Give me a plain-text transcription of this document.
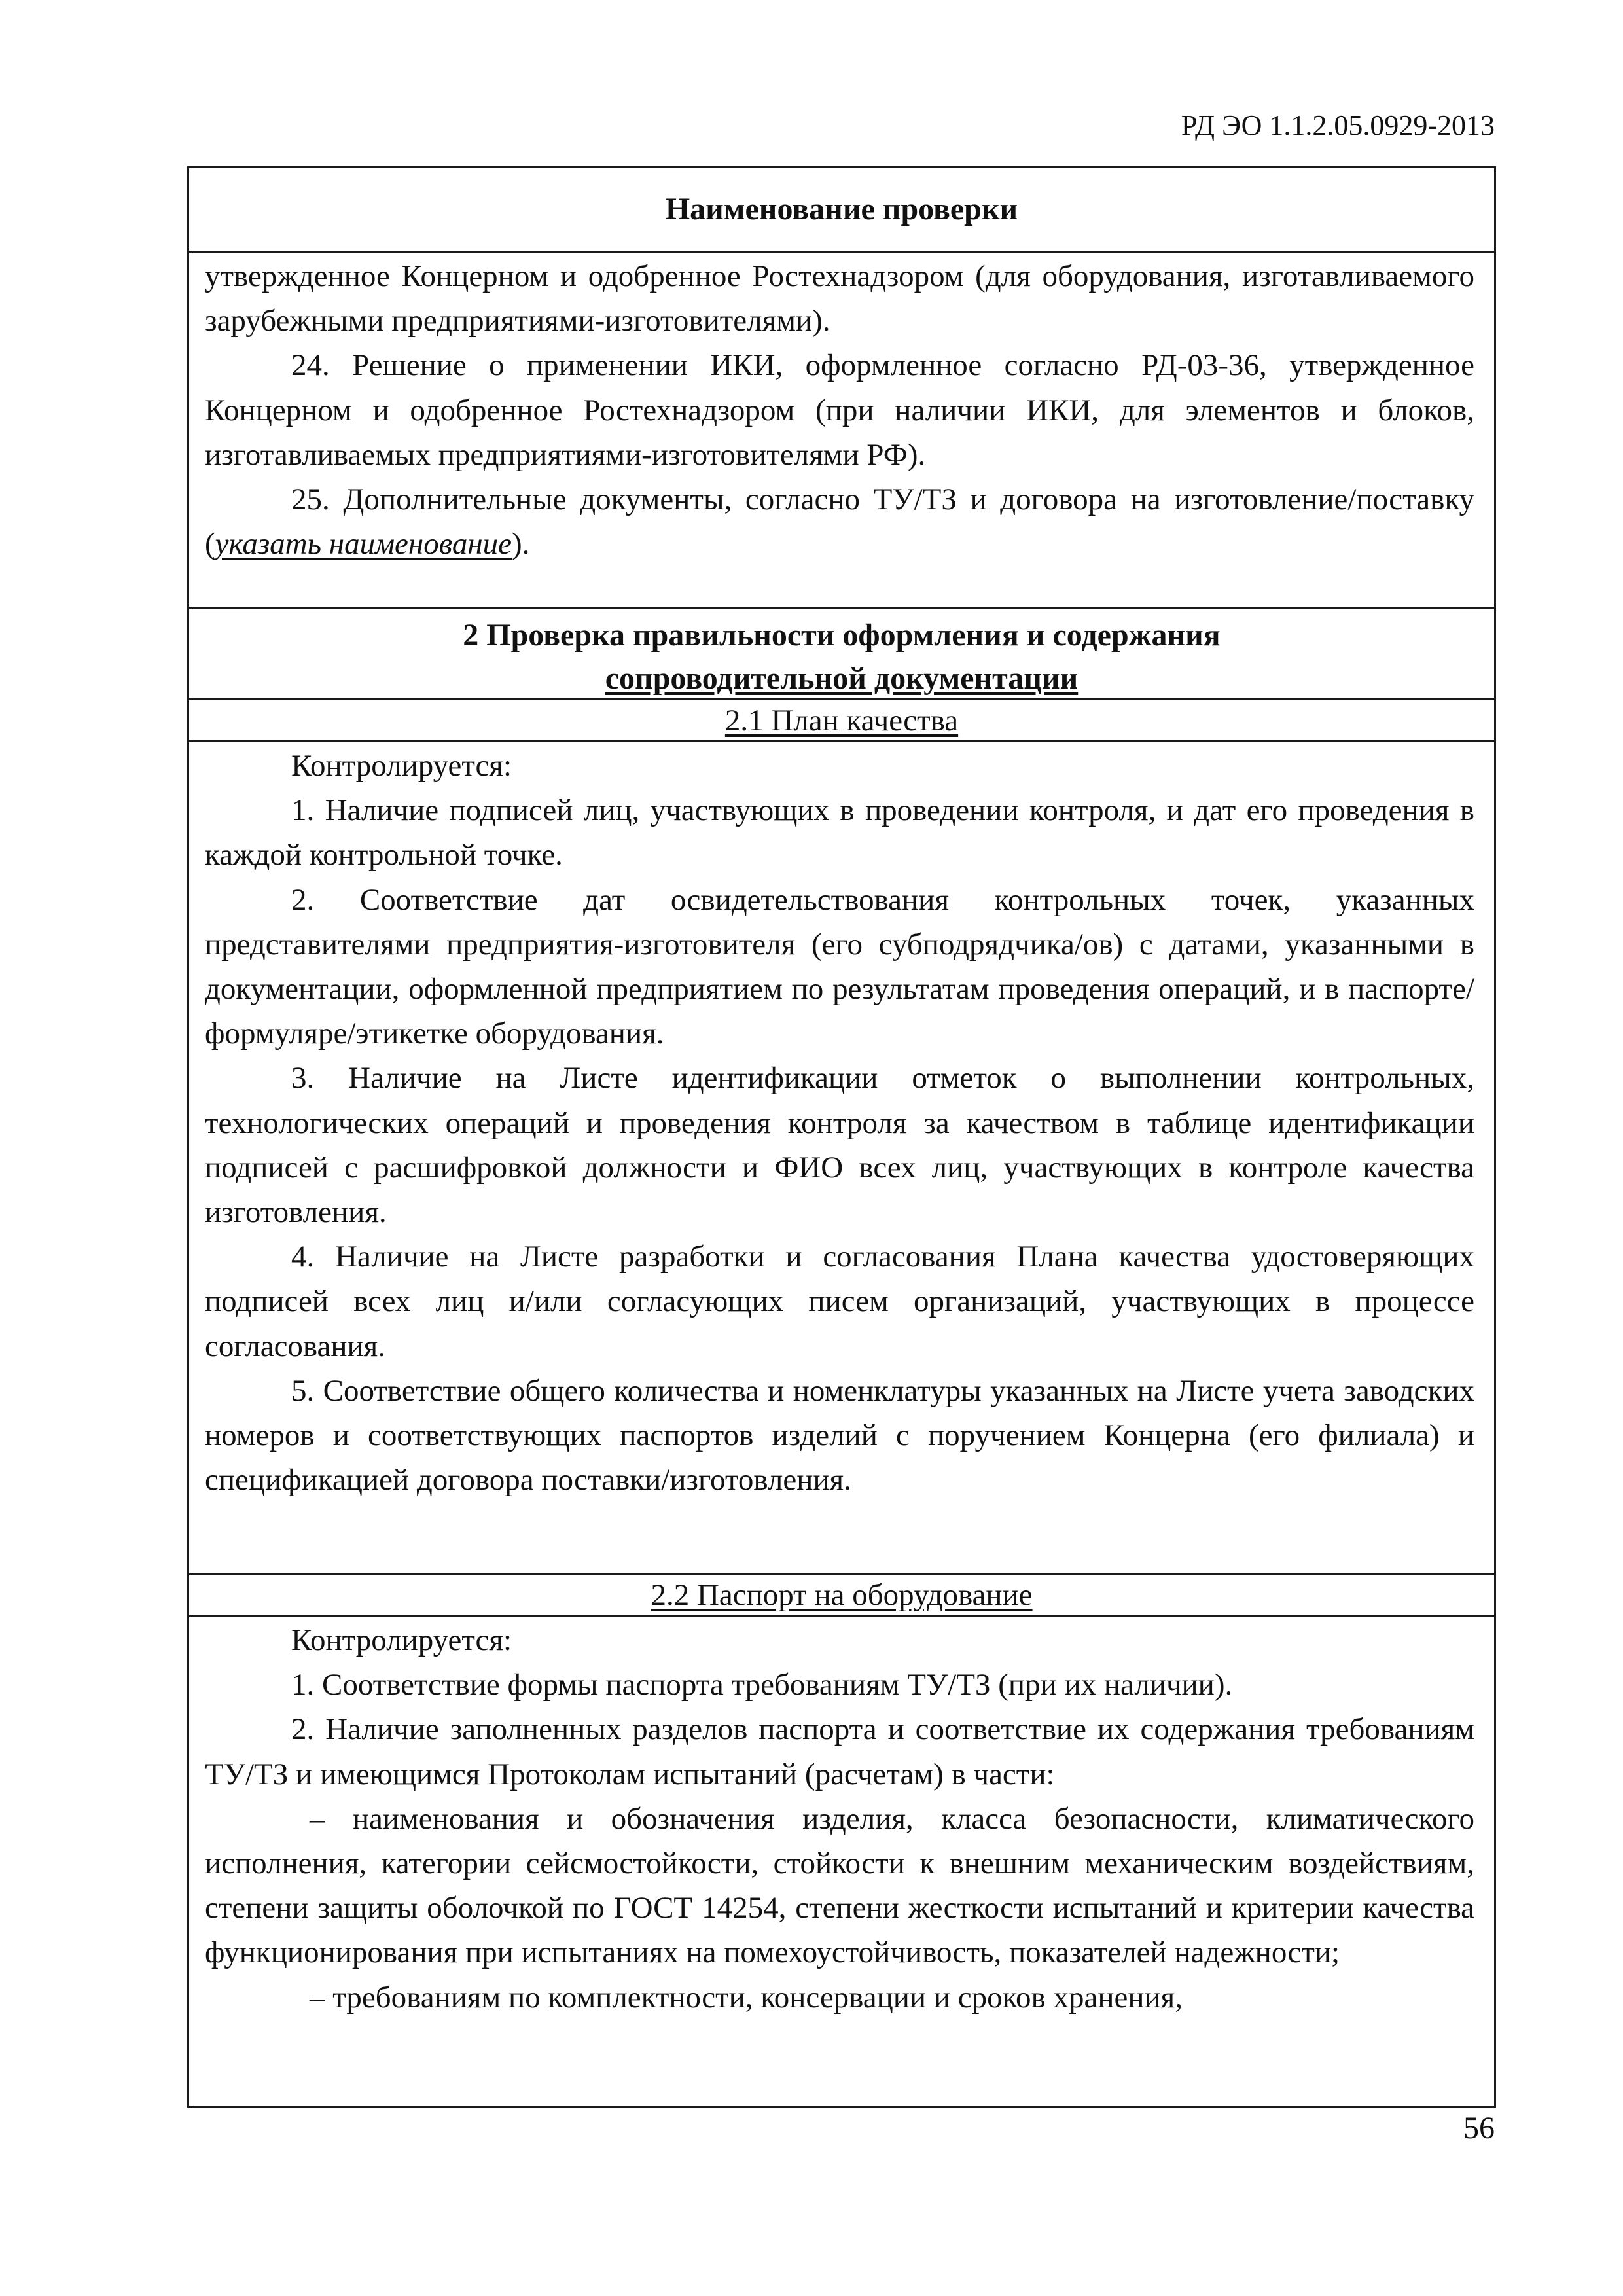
РД ЭО 1.1.2.05.0929-2013
Наименование проверки

утвержденное Концерном и одобренное Ростехнадзором (для оборудования, изготавливаемого зарубежными предприятиями-изготовителями).

24. Решение о применении ИКИ, оформленное согласно РД-03-36, утвержденное Концерном и одобренное Ростехнадзором (при наличии ИКИ, для элементов и блоков, изготавливаемых предприятиями-изготовителями РФ).

25. Дополнительные документы, согласно ТУ/ТЗ и договора на изготовление/поставку (указать наименование).

2 Проверка правильности оформления и содержания
сопроводительной документации
2.1 План качества

Контролируется:

1. Наличие подписей лиц, участвующих в проведении контроля, и дат его проведения в каждой контрольной точке.

2. Соответствие дат освидетельствования контрольных точек, указанных представителями предприятия-изготовителя (его субподрядчика/ов) с датами, указанными в документации, оформленной предприятием по результатам проведения операций, и в паспорте/формуляре/этикетке оборудования.

3. Наличие на Листе идентификации отметок о выполнении контрольных, технологических операций и проведения контроля за качеством в таблице идентификации подписей с расшифровкой должности и ФИО всех лиц, участвующих в контроле качества изготовления.

4. Наличие на Листе разработки и согласования Плана качества удостоверяющих подписей всех лиц и/или согласующих писем организаций, участвующих в процессе согласования.

5. Соответствие общего количества и номенклатуры указанных на Листе учета заводских номеров и соответствующих паспортов изделий с поручением Концерна (его филиала) и спецификацией договора поставки/изготовления.

2.2 Паспорт на оборудование

Контролируется:

1. Соответствие формы паспорта требованиям ТУ/ТЗ (при их наличии).

2. Наличие заполненных разделов паспорта и соответствие их содержания требованиям ТУ/ТЗ и имеющимся Протоколам испытаний (расчетам) в части:

– наименования и обозначения изделия, класса безопасности, климатического исполнения, категории сейсмостойкости, стойкости к внешним механическим воздействиям, степени защиты оболочкой по ГОСТ 14254, степени жесткости испытаний и критерии качества функционирования при испытаниях на помехоустойчивость, показателей надежности;

– требованиям по комплектности, консервации и сроков хранения,

56
